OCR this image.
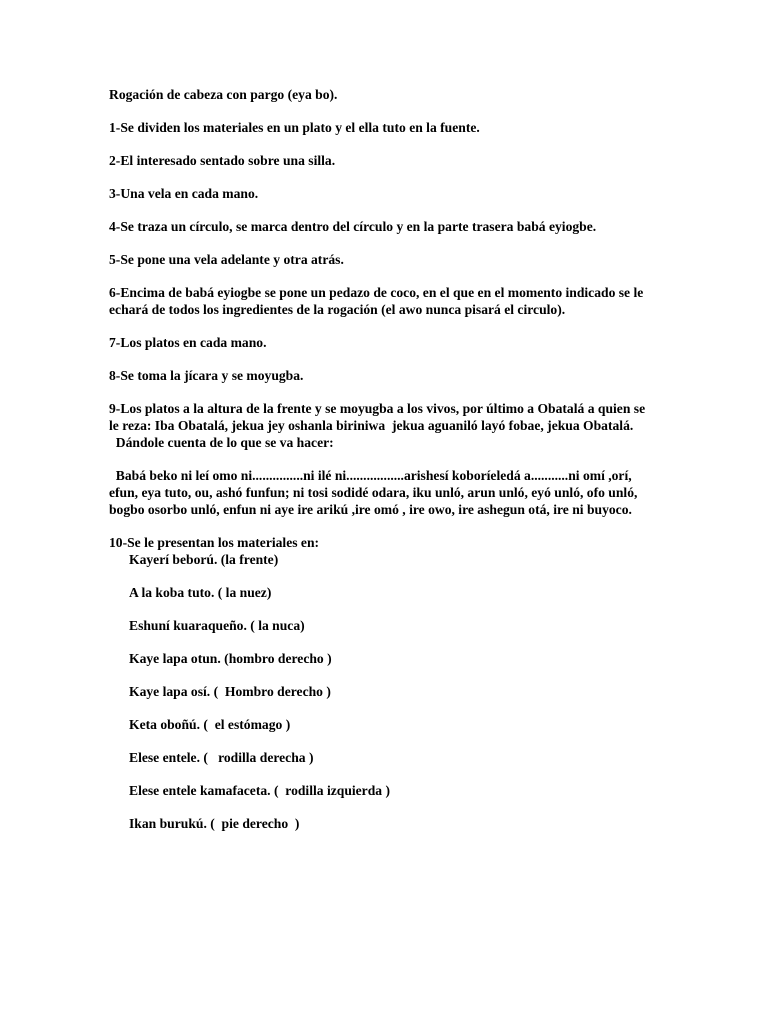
Rogación de cabeza con pargo (eya bo).

1-Se dividen los materiales en un plato y el ella tuto en la fuente.

2-El interesado sentado sobre una silla.

3-Una vela en cada mano.

4-Se traza un círculo, se marca dentro del círculo y en la parte trasera babá eyiogbe.

5-Se pone una vela adelante y otra atrás.

6-Encima de babá eyiogbe se pone un pedazo de coco, en el que en el momento indicado se le echará de todos los ingredientes de la rogación (el awo nunca pisará el circulo).

7-Los platos en cada mano.

8-Se toma la jícara y se moyugba.

9-Los platos a la altura de la frente y se moyugba a los vivos, por último a Obatalá a quien se le reza: Iba Obatalá, jekua jey oshanla biriniwa  jekua aguaniló layó fobae, jekua Obatalá.

Dándole cuenta de lo que se va hacer:

Babá beko ni leí omo ni...............ni ilé ni.................arishesí koboríeledá a...........ni omí ,orí, efun, eya tuto, ou, ashó funfun; ni tosi sodidé odara, iku unló, arun unló, eyó unló, ofo unló, bogbo osorbo unló, enfun ni aye ire arikú ,ire omó , ire owo, ire ashegun otá, ire ni buyoco.

10-Se le presentan los materiales en:

Kayerí beború. (la frente)

A la koba tuto. ( la nuez)

Eshuní kuaraqueño. ( la nuca)

Kaye lapa otun. (hombro derecho )

Kaye lapa osí. (  Hombro derecho )

Keta oboñú. (  el estómago )

Elese entele. (   rodilla derecha )

Elese entele kamafaceta. (  rodilla izquierda )

Ikan burukú. (  pie derecho  )
